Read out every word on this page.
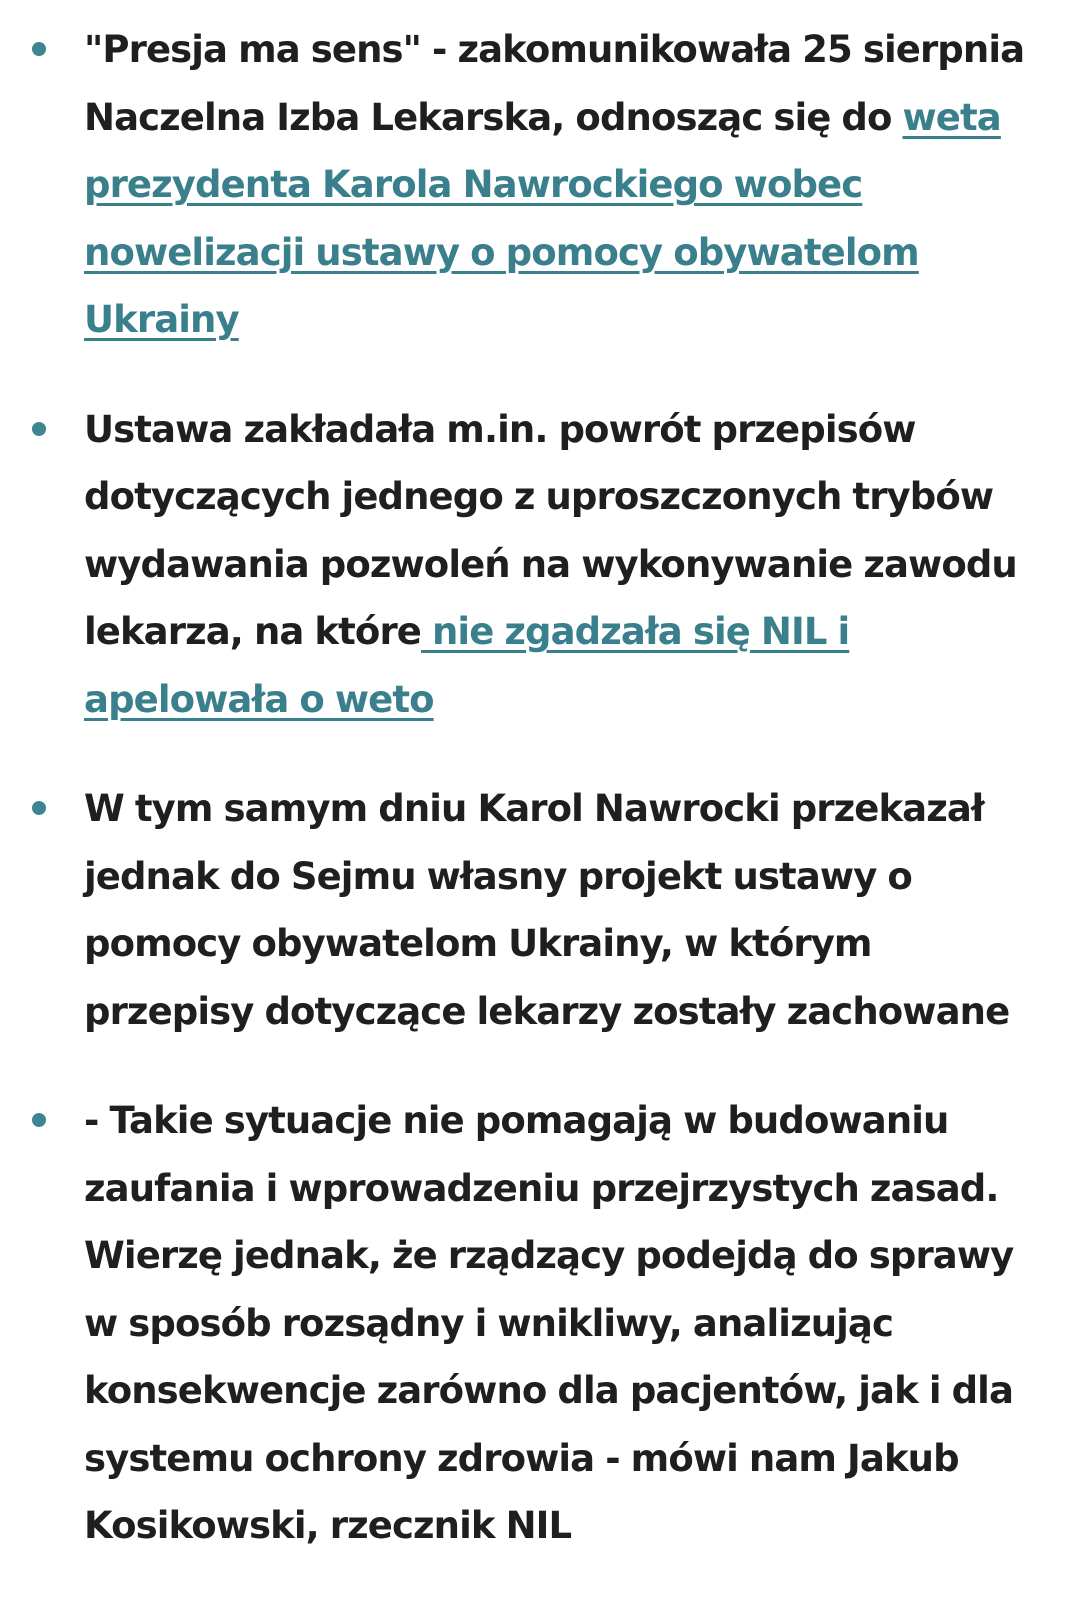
"Presja ma sens" - zakomunikowała 25 sierpnia Naczelna Izba Lekarska, odnosząc się do weta prezydenta Karola Nawrockiego wobec nowelizacji ustawy o pomocy obywatelom Ukrainy
Ustawa zakładała m.in. powrót przepisów dotyczących jednego z uproszczonych trybów wydawania pozwoleń na wykonywanie zawodu lekarza, na które nie zgadzała się NIL i apelowała o weto
W tym samym dniu Karol Nawrocki przekazał jednak do Sejmu własny projekt ustawy o pomocy obywatelom Ukrainy, w którym przepisy dotyczące lekarzy zostały zachowane
- Takie sytuacje nie pomagają w budowaniu zaufania i wprowadzeniu przejrzystych zasad. Wierzę jednak, że rządzący podejdą do sprawy w sposób rozsądny i wnikliwy, analizując konsekwencje zarówno dla pacjentów, jak i dla systemu ochrony zdrowia - mówi nam Jakub Kosikowski, rzecznik NIL
